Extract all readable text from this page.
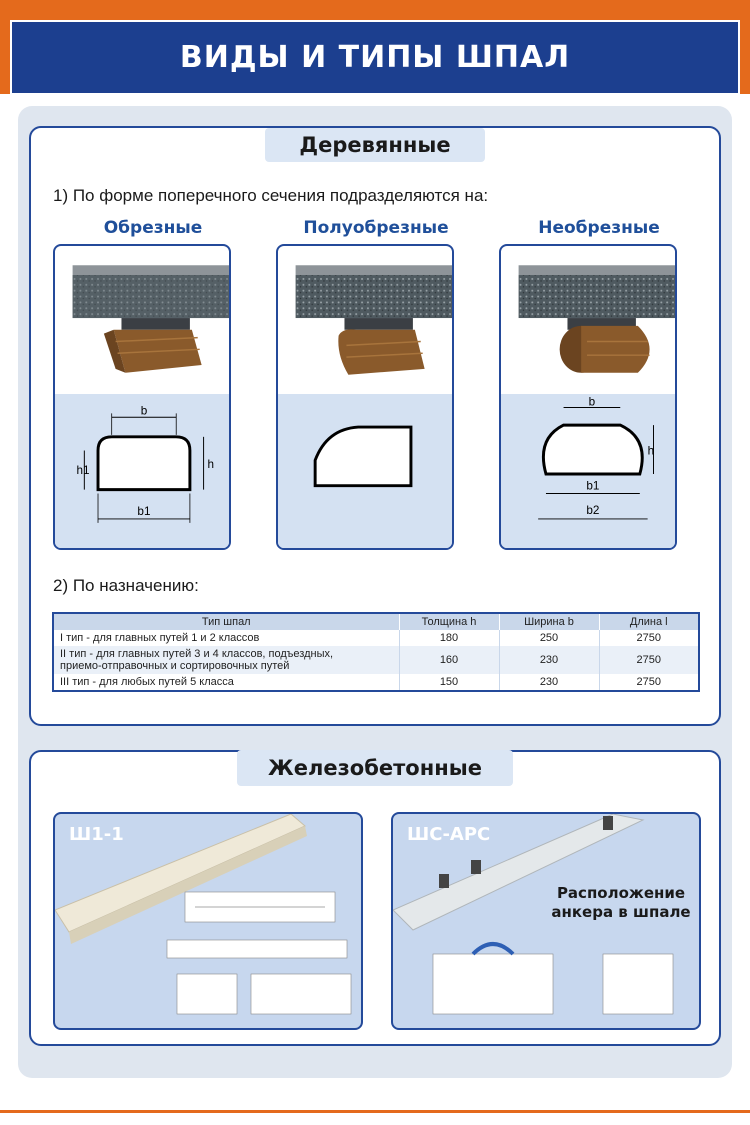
ВИДЫ И ТИПЫ ШПАЛ
Деревянные
1) По форме поперечного сечения подразделяются на:
Обрезные	Полуобрезные	Необрезные
b
h1	h
b1
b
h
b1
b2
2) По назначению:
Тип шпал	Толщина h	Ширина b	Длина l
I тип - для главных путей 1 и 2 классов	180	250	2750

II тип - для главных путей 3 и 4 классов, подъездных,
приемо-отправочных и сортировочных путей	160	230	2750
III тип - для любых путей 5 класса	150	230	2750
Железобетонные
Ш1-1	ШС-АРС
Расположение
анкера в шпале
